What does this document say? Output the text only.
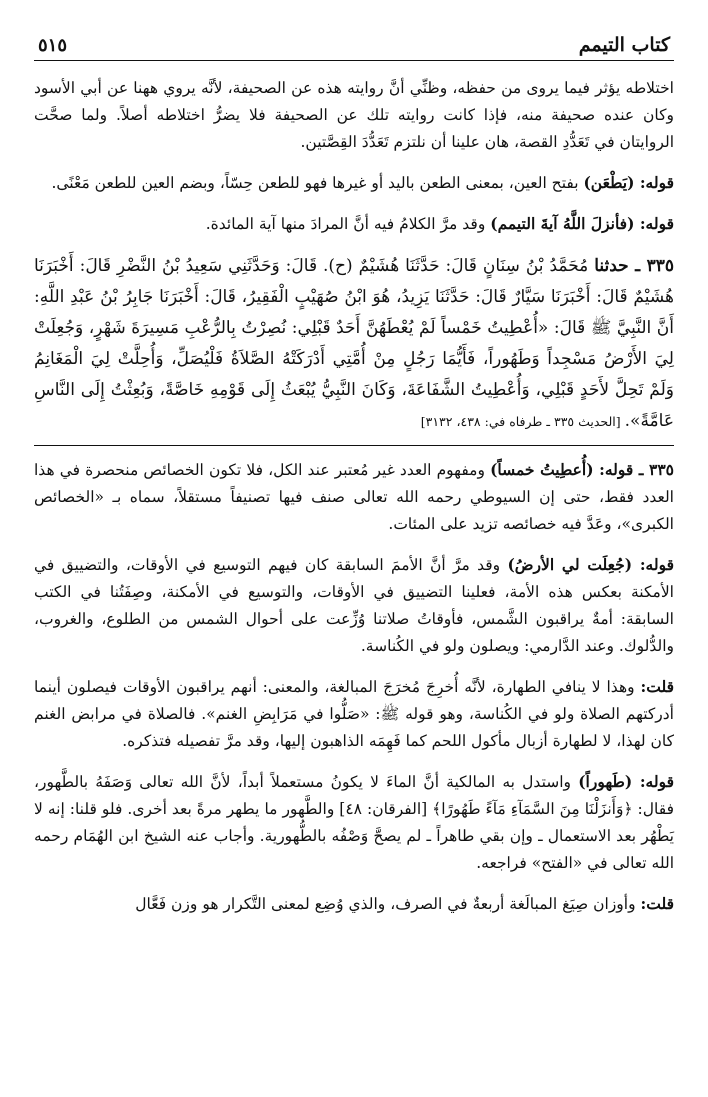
كتاب التيمم
٥١٥

اختلاطه يؤثر فيما يروى من حفظه، وظنِّي أنَّ روايته هذه عن الصحيفة، لأنَّه يروي ههنا عن أبي الأسود وكان عنده صحيفة منه، فإذا كانت روايته تلك عن الصحيفة فلا يضرُّ اختلاطه أصلاً. ولما صحَّت الروايتان في تَعَدُّدِ القصة، هان علينا أن نلتزم تَعَدُّدَ القِصَّتين.

قوله: (يَطْعَن) بفتح العين، بمعنى الطعن باليد أو غيرها فهو للطعن حِسّاً، وبضم العين للطعن مَعْنًى.

قوله: (فأنزلَ اللَّهُ آيةَ التيمم) وقد مرَّ الكلامُ فيه أنَّ المرادَ منها آية المائدة.

٣٣٥ ـ حدثنا مُحَمَّدُ بْنُ سِنَانٍ قَالَ: حَدَّثَنَا هُشَيْمٌ (ح). قَالَ: وَحَدَّثَنِي سَعِيدُ بْنُ النَّضْرِ قَالَ: أَخْبَرَنَا هُشَيْمٌ قَالَ: أَخْبَرَنَا سَيَّارٌ قَالَ: حَدَّثَنَا يَزِيدُ، هُوَ ابْنُ صُهَيْبٍ الْفَقِيرُ، قَالَ: أَخْبَرَنَا جَابِرُ بْنُ عَبْدِ اللَّهِ: أَنَّ النَّبِيَّ ﷺ قَالَ: «أُعْطِيتُ خَمْساً لَمْ يُعْطَهُنَّ أَحَدٌ قَبْلِي: نُصِرْتُ بِالرُّعْبِ مَسِيرَةَ شَهْرٍ، وَجُعِلَتْ لِيَ الأَرْضُ مَسْجِداً وَطَهُوراً، فَأَيُّمَا رَجُلٍ مِنْ أُمَّتِي أَدْرَكَتْهُ الصَّلاَةُ فَلْيُصَلِّ، وَأُحِلَّتْ لِيَ الْمَغَانِمُ وَلَمْ تَحِلَّ لأَحَدٍ قَبْلِي، وَأُعْطِيتُ الشَّفَاعَةَ، وَكَانَ النَّبِيُّ يُبْعَثُ إِلَى قَوْمِهِ خَاصَّةً، وَبُعِثْتُ إِلَى النَّاسِ عَامَّةً». [الحديث ٣٣٥ ـ طرفاه في: ٤٣٨، ٣١٣٢]

٣٣٥ ـ قوله: (أُعطِيتُ خمساً) ومفهوم العدد غير مُعتبر عند الكل، فلا تكون الخصائص منحصرة في هذا العدد فقط، حتى إن السيوطي رحمه الله تعالى صنف فيها تصنيفاً مستقلاً، سماه بـ «الخصائص الكبرى»، وعَدَّ فيه خصائصه تزيد على المئات.

قوله: (جُعِلَت لي الأرضُ) وقد مرَّ أنَّ الأممَ السابقة كان فيهم التوسيع في الأوقات، والتضييق في الأمكنة بعكس هذه الأمة، فعلينا التضييق في الأوقات، والتوسيع في الأمكنة، وصِفَتُنا في الكتب السابقة: أمةٌ يراقبون الشَّمس، فأوقاتُ صلاتنا وُزِّعت على أحوال الشمس من الطلوع، والغروب، والدُّلوك. وعند الدَّارمي: ويصلون ولو في الكُناسة.

قلت: وهذا لا ينافي الطهارة، لأنَّه أُخرِجَ مُخرَجَ المبالغة، والمعنى: أنهم يراقبون الأوقات فيصلون أينما أدركتهم الصلاة ولو في الكُناسة، وهو قوله ﷺ: «صَلُّوا في مَرَابِضِ الغنم». فالصلاة في مرابض الغنم كان لهذا، لا لطهارة أزبال مأكول اللحم كما فَهِمَه الذاهبون إليها، وقد مرَّ تفصيله فتذكره.

قوله: (طَهوراً) واستدل به المالكية أنَّ الماءَ لا يكونُ مستعملاً أبداً، لأنَّ الله تعالى وَصَفَهُ بالطَّهور، فقال: ﴿وَأَنزَلْنَا مِنَ السَّمَآءِ مَآءً طَهُورًا﴾ [الفرقان: ٤٨] والطَّهور ما يطهر مرةً بعد أخرى. فلو قلنا: إنه لا يَطْهُر بعد الاستعمال ـ وإن بقي طاهراً ـ لم يصحَّ وَصْفُه بالطُّهورية. وأجاب عنه الشيخ ابن الهُمَام رحمه الله تعالى في «الفتح» فراجعه.

قلت: وأوزان صِيَغ المبالَغة أربعةٌ في الصرف، والذي وُضِع لمعنى التَّكرار هو وزن فَعَّال
